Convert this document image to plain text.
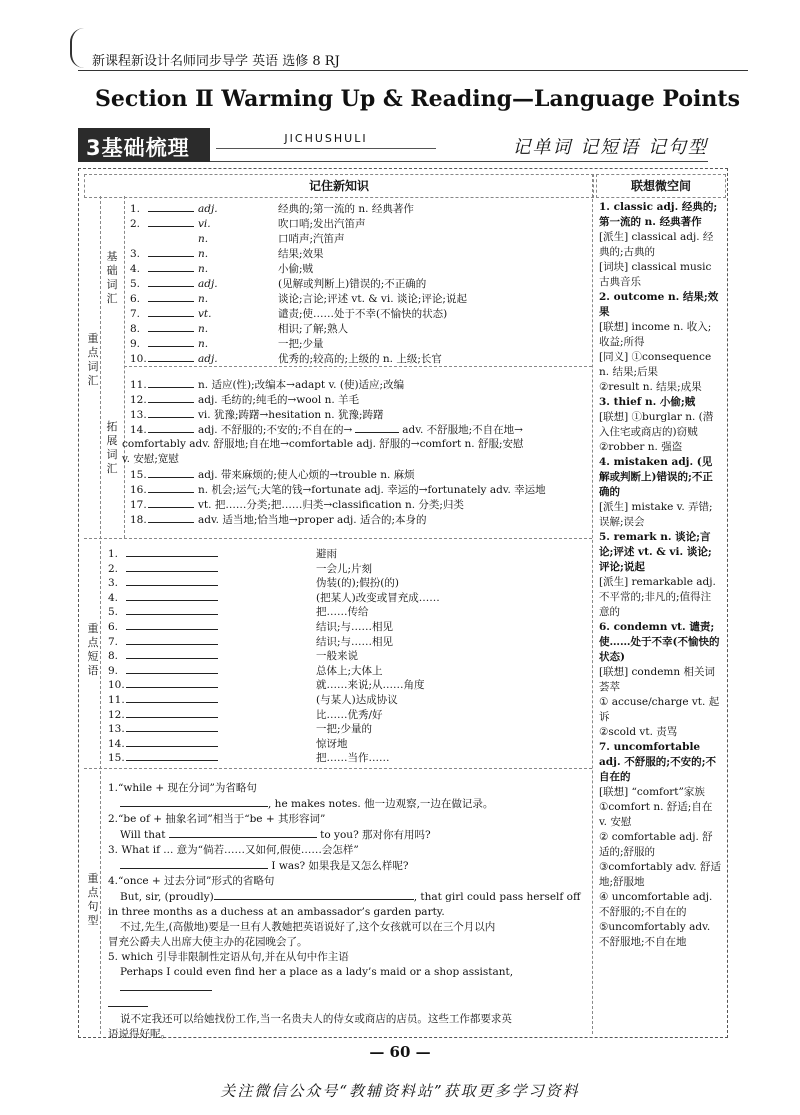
新课程新设计名师同步导学 英语 选修 8 RJ
Section Ⅱ Warming Up & Reading—Language Points
3基础梳理	JICHUSHULI	记单词 记短语 记句型
记住新知识	联想微空间
重点词汇
基础词汇
拓展词汇
重点短语
重点句型
1.	adj.	经典的;第一流的 n. 经典著作
2.	vi.	吹口哨;发出汽笛声
n.	口哨声;汽笛声
3.	n.	结果;效果
4.	n.	小偷;贼
5.	adj.	(见解或判断上)错误的;不正确的
6.	n.	谈论;言论;评述 vt. & vi. 谈论;评论;说起
7.	vt.	谴责;使……处于不幸(不愉快的状态)
8.	n.	相识;了解;熟人
9.	n.	一把;少量
10.	adj.	优秀的;较高的;上级的 n. 上级;长官
11.	n. 适应(性);改编本→adapt v. (使)适应;改编
12.	adj. 毛纺的;纯毛的→wool n. 羊毛
13.	vi. 犹豫;踌躇→hesitation n. 犹豫;踌躇
14.	adj. 不舒服的;不安的;不自在的→	adv. 不舒服地;不自在地→
comfortably adv. 舒服地;自在地→comfortable adj. 舒服的→comfort n. 舒服;安慰
v. 安慰;宽慰
15.	adj. 带来麻烦的;使人心烦的→trouble n. 麻烦
16.	n. 机会;运气;大笔的钱→fortunate adj. 幸运的→fortunately adv. 幸运地
17.	vt. 把……分类;把……归类→classification n. 分类;归类
18.	adv. 适当地;恰当地→proper adj. 适合的;本身的
1.	避雨
2.	一会儿;片刻
3.	伪装(的);假扮(的)
4.	(把某人)改变或冒充成……
5.	把……传给
6.	结识;与……相见
7.	结识;与……相见
8.	一般来说
9.	总体上;大体上
10.	就……来说;从……角度
11.	(与某人)达成协议
12.	比……优秀/好
13.	一把;少量的
14.	惊讶地
15.	把……当作……

1.“while + 现在分词”为省略句

, he makes notes. 他一边观察,一边在做记录。

2.“be of + 抽象名词”相当于“be + 其形容词”

Will that	to you? 那对你有用吗?

3. What if ... 意为“倘若……又如何,假使……会怎样”

I was? 如果我是又怎么样呢?

4.“once + 过去分词”形式的省略句

But, sir, (proudly)	, that girl could pass herself off

in three months as a duchess at an ambassador’s garden party.

不过,先生,(高傲地)要是一旦有人教她把英语说好了,这个女孩就可以在三个月以内

冒充公爵夫人出席大使主办的花园晚会了。

5. which 引导非限制性定语从句,并在从句中作主语

Perhaps I could even find her a place as a lady’s maid or a shop assistant,

说不定我还可以给她找份工作,当一名贵夫人的侍女或商店的店员。这些工作都要求英

语说得好呢。

1. classic adj. 经典的;第一流的 n. 经典著作

[派生] classical adj. 经典的;古典的

[词块] classical music 古典音乐

2. outcome n. 结果;效果

[联想] income n. 收入;收益;所得

[同义] ①consequence n. 结果;后果

②result n. 结果;成果

3. thief n. 小偷;贼

[联想] ①burglar n. (潜入住宅或商店的)窃贼

②robber n. 强盗

4. mistaken adj. (见解或判断上)错误的;不正确的

[派生] mistake v. 弄错;误解;误会

5. remark n. 谈论;言论;评述 vt. & vi. 谈论;评论;说起

[派生] remarkable adj. 不平常的;非凡的;值得注意的

6. condemn vt. 谴责;使……处于不幸(不愉快的状态)

[联想] condemn 相关词荟萃

① accuse/charge vt. 起诉

②scold vt. 责骂

7. uncomfortable adj. 不舒服的;不安的;不自在的

[联想] “comfort”家族

①comfort n. 舒适;自在 v. 安慰

② comfortable adj. 舒适的;舒服的

③comfortably adv. 舒适地;舒服地

④ uncomfortable adj. 不舒服的;不自在的

⑤uncomfortably adv. 不舒服地;不自在地

— 60 —
关注微信公众号“教辅资料站”获取更多学习资料
